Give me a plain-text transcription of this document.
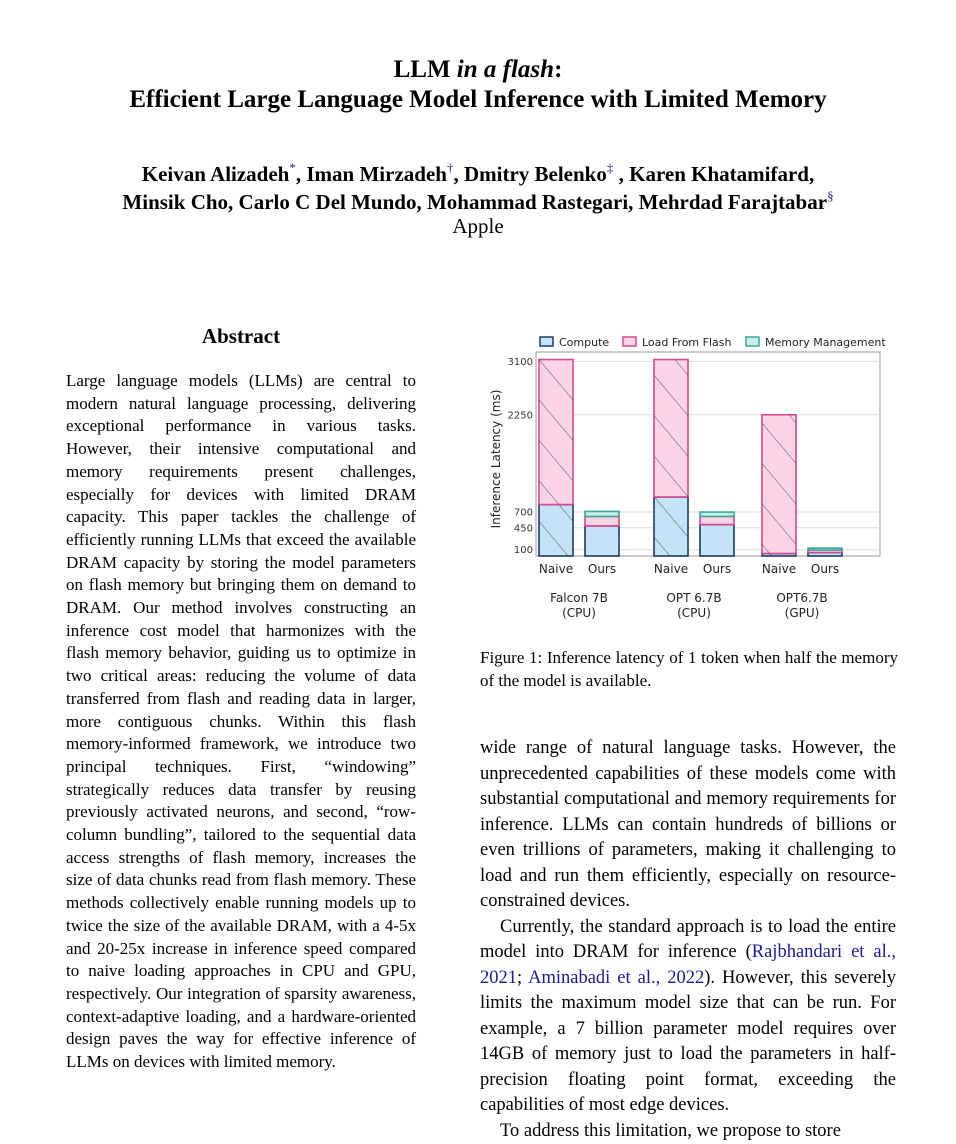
LLM in a flash:
Efficient Large Language Model Inference with Limited Memory
Keivan Alizadeh*, Iman Mirzadeh†, Dmitry Belenko‡ , Karen Khatamifard,
Minsik Cho, Carlo C Del Mundo, Mohammad Rastegari, Mehrdad Farajtabar§
Apple
Abstract
Large language models (LLMs) are central to modern natural language processing, delivering exceptional performance in various tasks. However, their intensive computational and memory requirements present challenges, especially for devices with limited DRAM capacity. This paper tackles the challenge of efficiently running LLMs that exceed the available DRAM capacity by storing the model parameters on flash memory but bringing them on demand to DRAM. Our method involves constructing an inference cost model that harmonizes with the flash memory behavior, guiding us to optimize in two critical areas: reducing the volume of data transferred from flash and reading data in larger, more contiguous chunks. Within this flash memory-informed framework, we introduce two principal techniques. First, “windowing” strategically reduces data transfer by reusing previously activated neurons, and second, “row-column bundling”, tailored to the sequential data access strengths of flash memory, increases the size of data chunks read from flash memory. These methods collectively enable running models up to twice the size of the available DRAM, with a 4-5x and 20-25x increase in inference speed compared to naive loading approaches in CPU and GPU, respectively. Our integration of sparsity awareness, context-adaptive loading, and a hardware-oriented design paves the way for effective inference of LLMs on devices with limited memory.
Compute	Load From Flash	Memory Management
100
450
700
2250
3100
Inference Latency (ms)
Naive Ours	Naive Ours	Naive Ours
Falcon 7B
(CPU)
OPT 6.7B
(CPU)
OPT6.7B
(GPU)
Figure 1: Inference latency of 1 token when half the memory of the model is available.

wide range of natural language tasks. However, the unprecedented capabilities of these models come with substantial computational and memory requirements for inference. LLMs can contain hundreds of billions or even trillions of parameters, making it challenging to load and run them efficiently, especially on resource-constrained devices.

Currently, the standard approach is to load the entire model into DRAM for inference (Rajbhandari et al., 2021; Aminabadi et al., 2022). However, this severely limits the maximum model size that can be run. For example, a 7 billion parameter model requires over 14GB of memory just to load the parameters in half-precision floating point format, exceeding the capabilities of most edge devices.

To address this limitation, we propose to store
